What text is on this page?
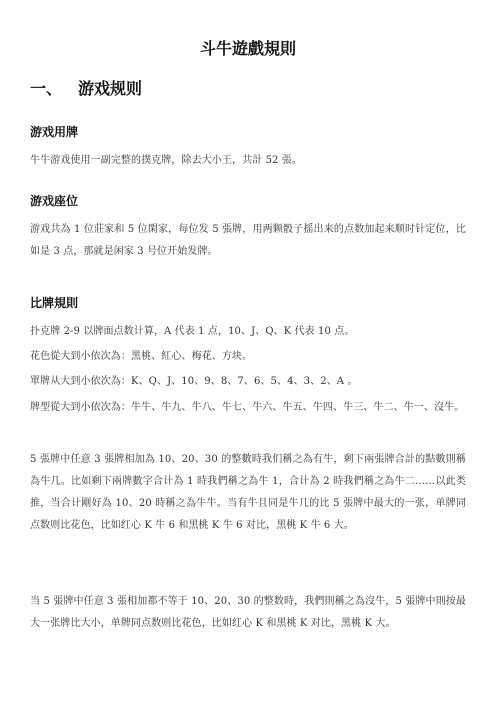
斗牛遊戲規則
一、 游戏规则
游戏用牌
牛牛游戏使用一副完整的撲克牌，除去大小王，共計 52 張。
游戏座位
游戏共為 1 位莊家和 5 位閑家，每位发 5 張牌，用两颗骰子摇出来的点数加起来顺时针定位，比如是 3 点，那就是闲家 3 号位开始发牌。
比牌規則
扑克牌 2-9 以牌面点数计算，A 代表 1 点，10、J、Q、K 代表 10 点。
花色從大到小依次為：黑桃、紅心、梅花、方块。
單牌从大到小依次為：K、Q、J、10、9、8、7、6、5、4、3、2、A 。
牌型從大到小依次為：牛牛、牛九、牛八、牛七、牛六、牛五、牛四、牛三、牛二、牛一、沒牛。
5 張牌中任意 3 張牌相加為 10、20、30 的整數時我们稱之為有牛，剩下兩張牌合計的點數則稱為牛几。比如剩下兩牌數字合计為 1 時我們稱之為牛 1，合计為 2 時我們稱之為牛二……以此类推，当合计剛好為 10、20 時稱之為牛牛。当有牛且同是牛几的比 5 張牌中最大的一张，单牌同点数则比花色，比如红心 K 牛 6 和黑桃 K 牛 6 对比，黑桃 K 牛 6 大。
当 5 張牌中任意 3 張相加都不等于 10、20、30 的整数時，我們則稱之為沒牛，5 張牌中則按最大一张牌比大小，单牌同点数则比花色，比如红心 K 和黑桃 K 对比，黑桃 K 大。
